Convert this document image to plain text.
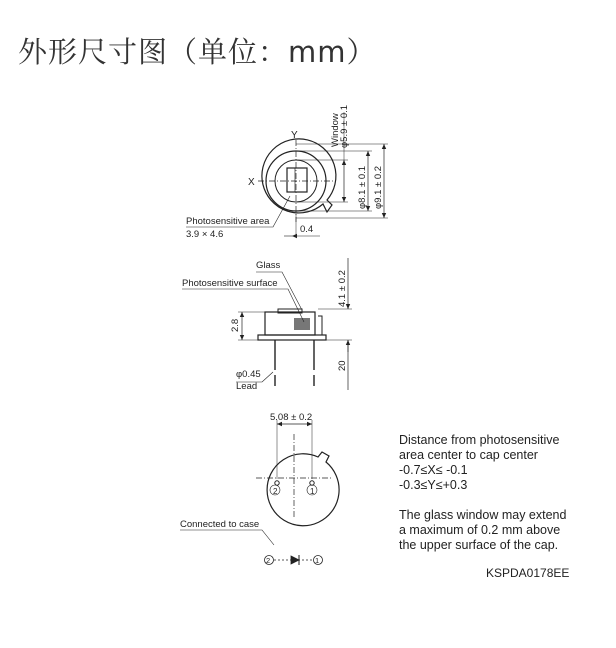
外形尺寸图（单位：mm）
Y
X
Window
φ5.9 ± 0.1
φ8.1 ± 0.1 φ9.1 ± 0.2
Photosensitive area
3.9 × 4.6	0.4
Glass
Photosensitive surface	4.1 ± 0.2
2.8
20
φ0.45
Lead
5.08 ± 0.2
2	1
Connected to case
2	1
Distance from photosensitive
area center to cap center
-0.7≤X≤ -0.1
-0.3≤Y≤+0.3
The glass window may extend
a maximum of 0.2 mm above
the upper surface of the cap.
KSPDA0178EE
